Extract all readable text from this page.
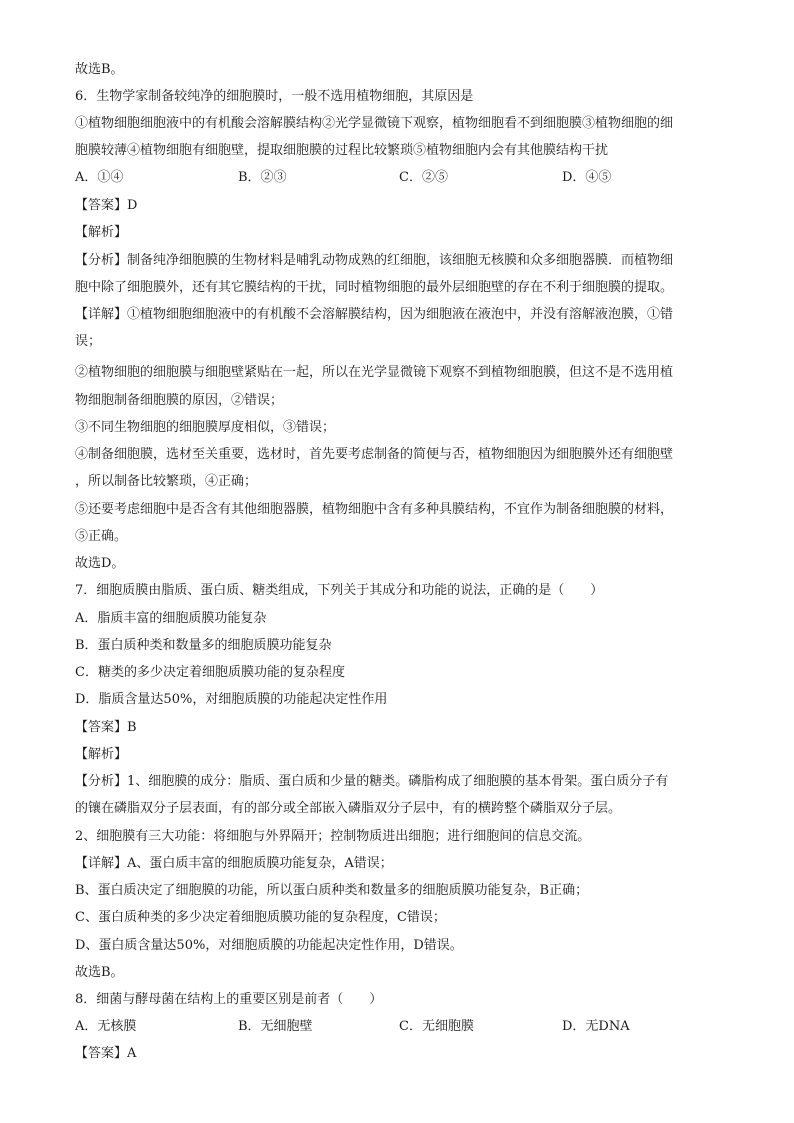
故选B。
6．生物学家制备较纯净的细胞膜时，一般不选用植物细胞，其原因是
①植物细胞细胞液中的有机酸会溶解膜结构②光学显微镜下观察，植物细胞看不到细胞膜③植物细胞的细
胞膜较薄④植物细胞有细胞壁，提取细胞膜的过程比较繁琐⑤植物细胞内会有其他膜结构干扰
A．①④	B．②③	C．②⑤	D．④⑤
【答案】D
【解析】
【分析】制备纯净细胞膜的生物材料是哺乳动物成熟的红细胞，该细胞无核膜和众多细胞器膜．而植物细
胞中除了细胞膜外，还有其它膜结构的干扰，同时植物细胞的最外层细胞壁的存在不利于细胞膜的提取。
【详解】①植物细胞细胞液中的有机酸不会溶解膜结构，因为细胞液在液泡中，并没有溶解液泡膜，①错
误；
②植物细胞的细胞膜与细胞壁紧贴在一起，所以在光学显微镜下观察不到植物细胞膜，但这不是不选用植
物细胞制备细胞膜的原因，②错误；
③不同生物细胞的细胞膜厚度相似，③错误；
④制备细胞膜，选材至关重要，选材时，首先要考虑制备的简便与否，植物细胞因为细胞膜外还有细胞壁
，所以制备比较繁琐，④正确；
⑤还要考虑细胞中是否含有其他细胞器膜，植物细胞中含有多种具膜结构，不宜作为制备细胞膜的材料，
⑤正确。
故选D。
7．细胞质膜由脂质、蛋白质、糖类组成，下列关于其成分和功能的说法，正确的是（　　）
A．脂质丰富的细胞质膜功能复杂
B．蛋白质种类和数量多的细胞质膜功能复杂
C．糖类的多少决定着细胞质膜功能的复杂程度
D．脂质含量达50%，对细胞质膜的功能起决定性作用
【答案】B
【解析】
【分析】1、细胞膜的成分：脂质、蛋白质和少量的糖类。磷脂构成了细胞膜的基本骨架。蛋白质分子有
的镶在磷脂双分子层表面，有的部分或全部嵌入磷脂双分子层中，有的横跨整个磷脂双分子层。
2、细胞膜有三大功能：将细胞与外界隔开；控制物质进出细胞；进行细胞间的信息交流。
【详解】A、蛋白质丰富的细胞质膜功能复杂，A错误；
B、蛋白质决定了细胞膜的功能，所以蛋白质种类和数量多的细胞质膜功能复杂，B正确；
C、蛋白质种类的多少决定着细胞质膜功能的复杂程度，C错误；
D、蛋白质含量达50%，对细胞质膜的功能起决定性作用，D错误。
故选B。
8．细菌与酵母菌在结构上的重要区别是前者（　　）
A．无核膜	B．无细胞壁	C．无细胞膜	D．无DNA
【答案】A
